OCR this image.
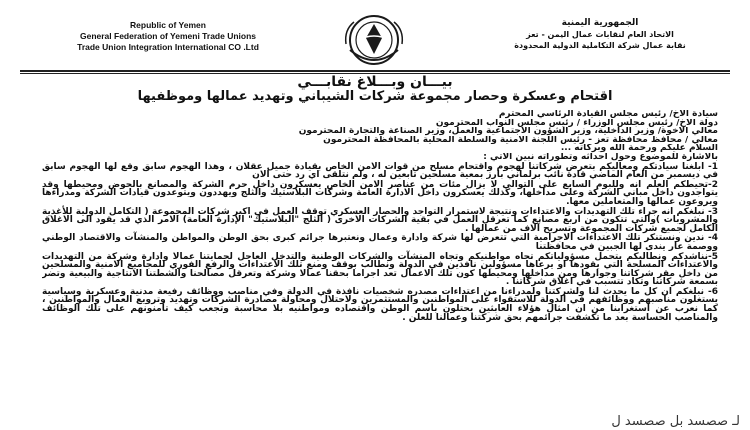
Republic of Yemen
General Federation of Yemeni Trade Unions
Trade Union Integration International CO .Ltd
الجمهورية اليمنية
الاتحاد العام لنقابات عمال اليمن - تعز
نقابة عمال شركة التكاملية الدولية المحدودة
بيـــان وبـــلاغ نقابـــي
اقتحام وعسكرة وحصار مجموعة شركات الشيباني وتهديد عمالها وموظفيها
سيادة الاخ/ رئيس مجلس القيادة الرئاسي المحترم
دولة الاخ/ رئيس مجلس الوزراء / رئيس مجلس النواب المحترمون
معالي الاخوة/ وزير الداخلية، وزير الشؤون الاجتماعية والعمل، وزير الصناعة والتجارة المحترمون
معالي / محافظ محافظة تعز - رئيس اللجنة الامنية والسلطة المحلية بالمحافظة المحترمون
السلام عليكم ورحمة الله وبركاته ...
بالاشارة للموضوع وحول احداثه وتطوراته نبين الاتي :
1- ابلغنا سيادتكم ومعاليكم بتعرض شركاتنا لهجوم واقتحام مسلح من قوات الامن الخاص بقيادة جميل عقلان ، وهذا الهجوم سابق وقع لها الهجوم سابق في ديسمبر من العام الماضي قادة نائب برلماني بارز بمعية مسلحين تابعين له ، ولم نتلقى اي رد حتى الان
2-تحيطكم العلم انه وللبوم السابع على التوالي لا يزال مئات من عناصر الامن الخاص يعسكرون داخل حرم الشركة والمصانع بالحوض ومحيطها وقد يتواجدون داخل مباني الشركة وعلى مداخلها، وكذلك يعسكرون داخل الادارة العامة وشركات البلاستيك والثلج ويهددون ويتوعدون قيادات الشركة ومدراءها ويروعون عمالها والمتعاملين معها.
3- نبلغكم انه جراء تلك التهديدات والاعتداءات ونتيجة لاستمرار التواجد والحصار العسكري توقف العمل في اكبر شركات المجموعة ( التكامل الدولية للأغذية والمشروبات )والتي تتكون من اربع مصانع كما تعرقل العمل في بقية الشركات الاخرى ( الثلج "البلاستيك" الإدارة العامة) الامر الذي قد يقود الى الاغلاق الكامل لجميع شركات المجموعة وتسريح آلاف من عمالها .
4- ندين ونستنكر تلك الاعتداءات الاجرامية التي تتعرض لها شركة وادارة وعمال ونعتبرها جرائم كبرى بحق الوطن والمواطن والمنشآت والاقتصاد الوطني ووصمة عار يندى لها الجبين في محافظتنا
5-نناشدكم ونطالبكم بتحمل مسؤولياتكم تجاه مواطنيكم وتجاه المنشآت والشركات الوطنية والتدخل العاجل لحمايتنا عمالا وادارة وشركة من التهديدات والاعتداءات المسلحة التي يقودها او يرعاها مسؤولين نافذين في الدولة ونطالب بوقف ومنع تلك الاعتداءات والرفع الفوري للمجاميع الامنية والمسلحين من داخل مقر شركاتنا وجوارها ومن مداخلها ومحيطها كون تلك الاعمال تعد اجراما بحقنا عمالا وشركة وتعرقل مصالحنا والشطتنا الانتاجية والبيعية وتضر بسمعة شركاتنا وتكاد تتسبب في اغلاق شركاتنا .
6- نبلغكم ان كل ما يحدث لنا ولشركتنا ولمدراءنا من اعتداءات مصدره شخصيات نافذة في الدولة وفي مناصب ووظائف رفيعة مدنية وعسكرية وسياسية يستغلون مناصبهم ووظائفهم في الدولة للاستقواء على المواطنين والمستثمرين ولاحتلال ومحاولة مصادرة الشركات وتهديد وترويع العمال والمواطنين ، كما نعرب عن استغرابنا من ان امثال هؤلاء العابثين يحتلون باسم الوطن واقتصاده ومواطنيه بلا محاسبة وتجعب كيف تأمنونهم على تلك الوظائف والمناصب الحساسة بعد ما تكشفت جرائمهم بحق شركتنا وعمالنا للعلن .
لـ ‎صصسد‎ بل ‎صصسد‎ ل
